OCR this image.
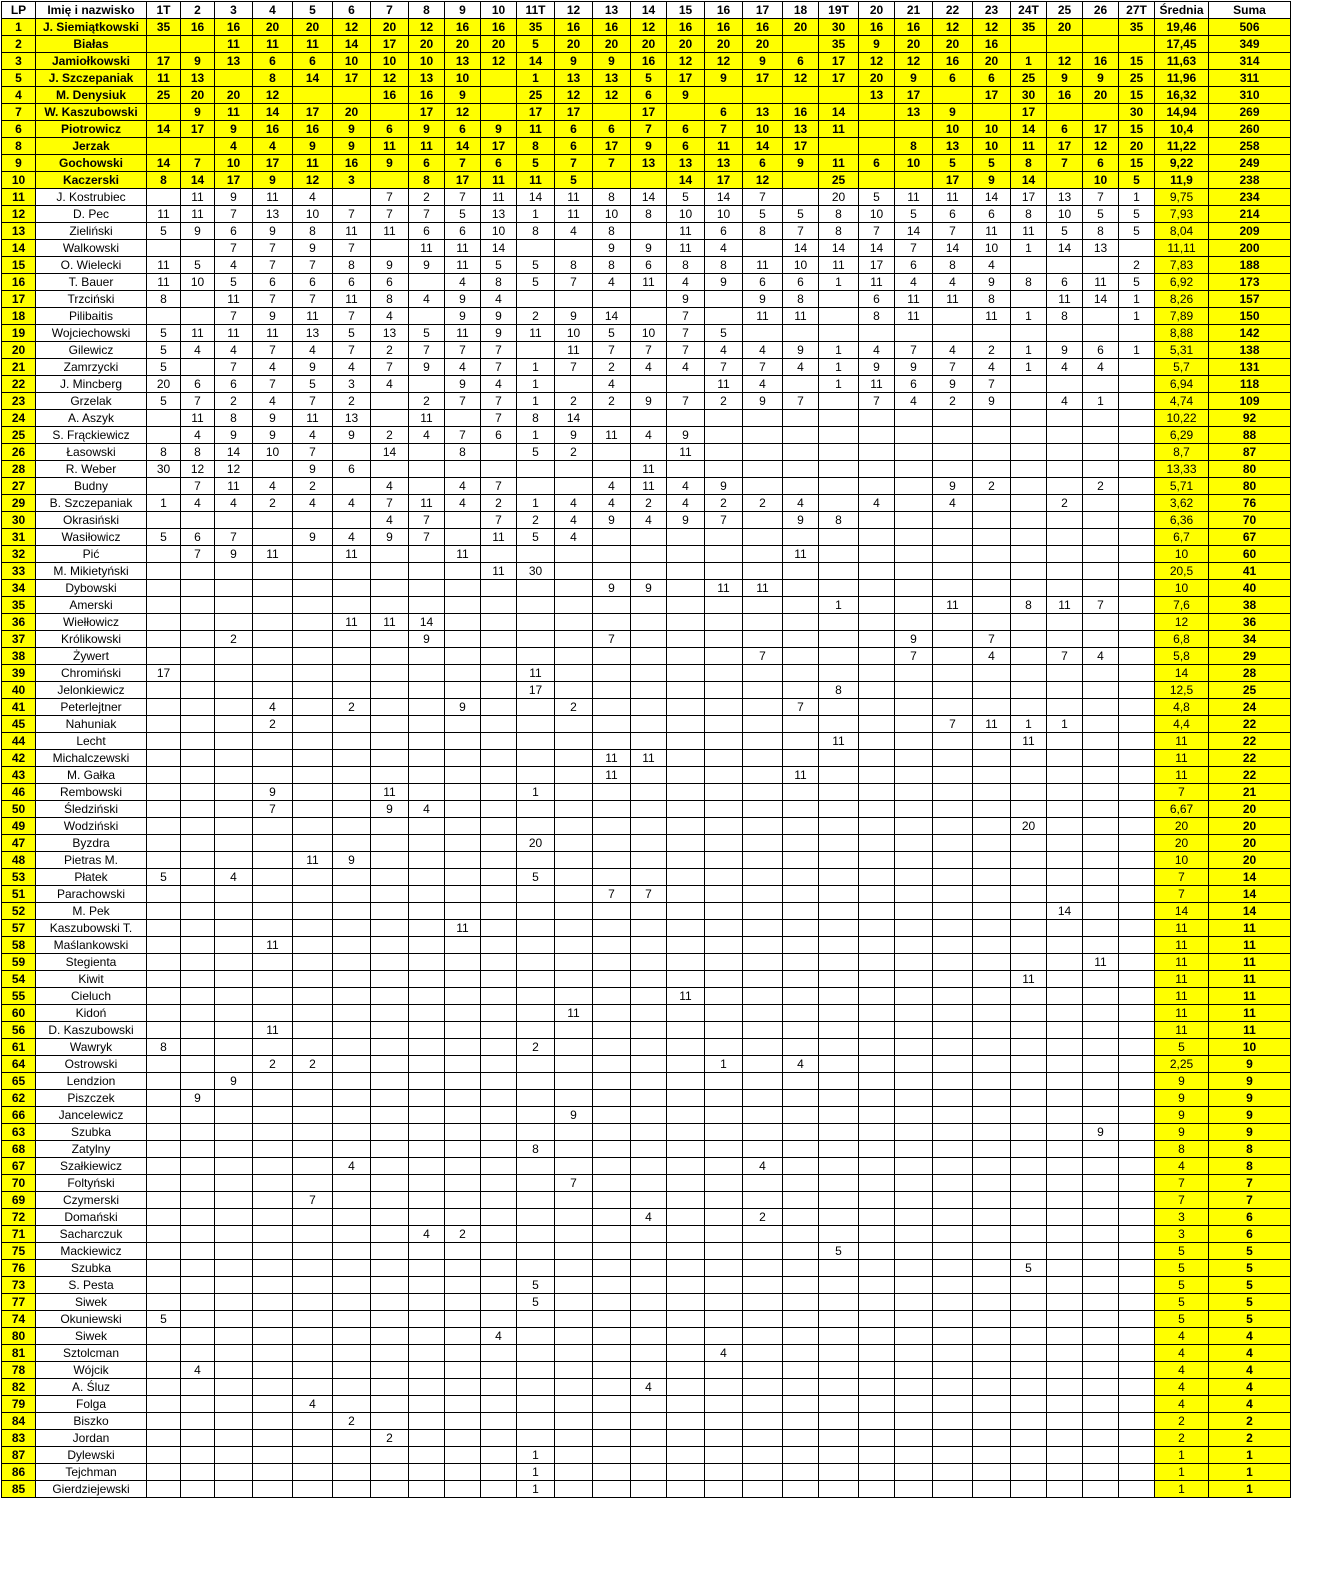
LP	Imię i nazwisko	1T	2	3	4	5	6	7	8	9	10	11T	12	13	14	15	16	17	18	19T	20	21	22	23	24T	25	26	27T	Średnia	Suma
1	J. Siemiątkowski	35	16	16	20	20	12	20	12	16	16	35	16	16	12	16	16	16	20	30	16	16	12	12	35	20		35	19,46	506
2	Białas			11	11	11	14	17	20	20	20	5	20	20	20	20	20	20		35	9	20	20	16					17,45	349
3	Jamiołkowski	17	9	13	6	6	10	10	10	13	12	14	9	9	16	12	12	9	6	17	12	12	16	20	1	12	16	15	11,63	314
5	J. Szczepaniak	11	13		8	14	17	12	13	10		1	13	13	5	17	9	17	12	17	20	9	6	6	25	9	9	25	11,96	311
4	M. Denysiuk	25	20	20	12			16	16	9		25	12	12	6	9					13	17		17	30	16	20	15	16,32	310
7	W. Kaszubowski		9	11	14	17	20		17	12		17	17		17		6	13	16	14		13	9		17			30	14,94	269
6	Piotrowicz	14	17	9	16	16	9	6	9	6	9	11	6	6	7	6	7	10	13	11			10	10	14	6	17	15	10,4	260
8	Jerzak			4	4	9	9	11	11	14	17	8	6	17	9	6	11	14	17			8	13	10	11	17	12	20	11,22	258
9	Gochowski	14	7	10	17	11	16	9	6	7	6	5	7	7	13	13	13	6	9	11	6	10	5	5	8	7	6	15	9,22	249
10	Kaczerski	8	14	17	9	12	3		8	17	11	11	5			14	17	12		25			17	9	14		10	5	11,9	238
11	J. Kostrubiec		11	9	11	4		7	2	7	11	14	11	8	14	5	14	7		20	5	11	11	14	17	13	7	1	9,75	234
12	D. Pec	11	11	7	13	10	7	7	7	5	13	1	11	10	8	10	10	5	5	8	10	5	6	6	8	10	5	5	7,93	214
13	Zieliński	5	9	6	9	8	11	11	6	6	10	8	4	8		11	6	8	7	8	7	14	7	11	11	5	8	5	8,04	209
14	Walkowski			7	7	9	7		11	11	14			9	9	11	4		14	14	14	7	14	10	1	14	13		11,11	200
15	O. Wielecki	11	5	4	7	7	8	9	9	11	5	5	8	8	6	8	8	11	10	11	17	6	8	4				2	7,83	188
16	T. Bauer	11	10	5	6	6	6	6		4	8	5	7	4	11	4	9	6	6	1	11	4	4	9	8	6	11	5	6,92	173
17	Trzciński	8		11	7	7	11	8	4	9	4					9		9	8		6	11	11	8		11	14	1	8,26	157
18	Pilibaitis			7	9	11	7	4		9	9	2	9	14		7		11	11		8	11		11	1	8		1	7,89	150
19	Wojciechowski	5	11	11	11	13	5	13	5	11	9	11	10	5	10	7	5												8,88	142
20	Gilewicz	5	4	4	7	4	7	2	7	7	7		11	7	7	7	4	4	9	1	4	7	4	2	1	9	6	1	5,31	138
21	Zamrzycki	5		7	4	9	4	7	9	4	7	1	7	2	4	4	7	7	4	1	9	9	7	4	1	4	4		5,7	131
22	J. Mincberg	20	6	6	7	5	3	4		9	4	1		4			11	4		1	11	6	9	7					6,94	118
23	Grzelak	5	7	2	4	7	2		2	7	7	1	2	2	9	7	2	9	7		7	4	2	9		4	1		4,74	109
24	A. Aszyk		11	8	9	11	13		11		7	8	14																10,22	92
25	S. Frąckiewicz		4	9	9	4	9	2	4	7	6	1	9	11	4	9													6,29	88
26	Łasowski	8	8	14	10	7		14		8		5	2			11													8,7	87
28	R. Weber	30	12	12		9	6								11														13,33	80
27	Budny		7	11	4	2		4		4	7			4	11	4	9						9	2			2		5,71	80
29	B. Szczepaniak	1	4	4	2	4	4	7	11	4	2	1	4	4	2	4	2	2	4		4		4			2			3,62	76
30	Okrasiński							4	7		7	2	4	9	4	9	7		9	8									6,36	70
31	Wasiłowicz	5	6	7		9	4	9	7		11	5	4																6,7	67
32	Pić		7	9	11		11			11									11										10	60
33	M. Mikietyński										11	30																	20,5	41
34	Dybowski													9	9		11	11											10	40
35	Amerski																			1			11		8	11	7		7,6	38
36	Wiełłowicz						11	11	14																				12	36
37	Królikowski			2					9					7								9		7					6,8	34
38	Żywert																	7				7		4		7	4		5,8	29
39	Chromiński	17										11																	14	28
40	Jelonkiewicz											17								8									12,5	25
41	Peterlejtner				4		2			9			2						7										4,8	24
45	Nahuniak				2																		7	11	1	1			4,4	22
44	Lecht																			11					11				11	22
42	Michalczewski													11	11														11	22
43	M. Gałka													11					11										11	22
46	Rembowski				9			11				1																	7	21
50	Śledziński				7			9	4																				6,67	20
49	Wodziński																								20				20	20
47	Byzdra											20																	20	20
48	Pietras M.					11	9																						10	20
53	Płatek	5		4								5																	7	14
51	Parachowski													7	7														7	14
52	M. Pek																									14			14	14
57	Kaszubowski T.									11																			11	11
58	Maślankowski				11																								11	11
59	Stegienta																										11		11	11
54	Kiwit																								11				11	11
55	Cieluch															11													11	11
60	Kidoń												11																11	11
56	D. Kaszubowski				11																								11	11
61	Wawryk	8										2																	5	10
64	Ostrowski				2	2											1		4										2,25	9
65	Lendzion			9																									9	9
62	Piszczek		9																										9	9
66	Jancelewicz												9																9	9
63	Szubka																										9		9	9
68	Zatylny											8																	8	8
67	Szałkiewicz						4											4											4	8
70	Foltyński												7																7	7
69	Czymerski					7																							7	7
72	Domański														4			2											3	6
71	Sacharczuk								4	2																			3	6
75	Mackiewicz																			5									5	5
76	Szubka																								5				5	5
73	S. Pesta											5																	5	5
77	Siwek											5																	5	5
74	Okuniewski	5																											5	5
80	Siwek										4																		4	4
81	Sztolcman																4												4	4
78	Wójcik		4																										4	4
82	A. Śluz														4														4	4
79	Folga					4																							4	4
84	Biszko						2																						2	2
83	Jordan							2																					2	2
87	Dylewski											1																	1	1
86	Tejchman											1																	1	1
85	Gierdziejewski											1																	1	1
